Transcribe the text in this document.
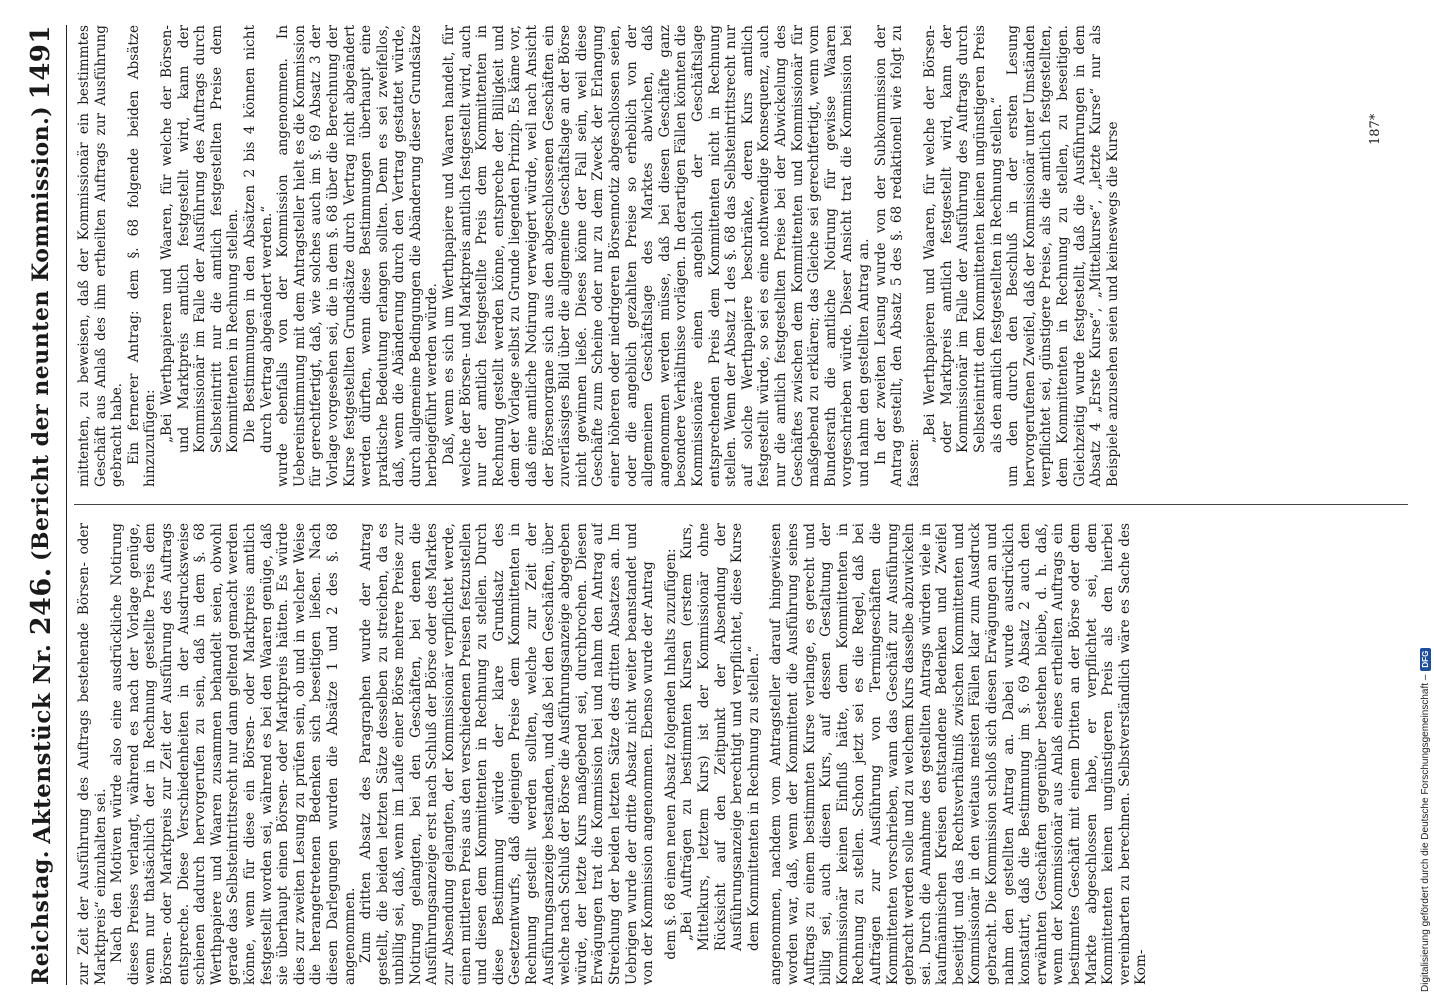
Reichstag.
Aktenstück Nr. 246.
(Bericht der neunten Kommission.)
1491

zur Zeit der Ausführung des Auftrags bestehende Börsen- oder Marktpreis“ einzuhalten sei. Nach den Motiven würde also eine ausdrückliche Notirung dieses Preises verlangt, während es nach der Vorlage genüge, wenn nur thatsächlich der in Rechnung gestellte Preis dem Börsen- oder Marktpreis zur Zeit der Ausführung des Auftrags entspreche. Diese Verschiedenheiten in der Ausdrucksweise schienen dadurch hervorgerufen zu sein, daß in dem §. 68 Werthpapiere und Waaren zusammen behandelt seien, obwohl gerade das Selbsteintrittsrecht nur dann geltend gemacht werden könne, wenn für diese ein Börsen- oder Marktpreis amtlich festgestellt worden sei, während es bei den Waaren genüge, daß sie überhaupt einen Börsen- oder Marktpreis hätten. Es würde dies zur zweiten Lesung zu prüfen sein, ob und in welcher Weise die herangetretenen Bedenken sich beseitigen ließen. Nach diesen Darlegungen wurden die Absätze 1 und 2 des §. 68 angenommen. Zum dritten Absatz des Paragraphen wurde der Antrag gestellt, die beiden letzten Sätze desselben zu streichen, da es unbillig sei, daß, wenn im Laufe einer Börse mehrere Preise zur Notirung gelangten, bei den Geschäften, bei denen die Ausführungsanzeige erst nach Schluß der Börse oder des Marktes zur Absendung gelangten, der Kommissionär verpflichtet werde, einen mittleren Preis aus den verschiedenen Preisen festzustellen und diesen dem Kommittenten in Rechnung zu stellen. Durch diese Bestimmung würde der klare Grundsatz des Gesetzentwurfs, daß diejenigen Preise dem Kommittenten in Rechnung gestellt werden sollten, welche zur Zeit der Ausführungsanzeige bestanden, und daß bei den Geschäften, über welche nach Schluß der Börse die Ausführungsanzeige abgegeben würde, der letzte Kurs maßgebend sei, durchbrochen. Diesen Erwägungen trat die Kommission bei und nahm den Antrag auf Streichung der beiden letzten Sätze des dritten Absatzes an. Im Uebrigen wurde der dritte Absatz nicht weiter beanstandet und von der Kommission angenommen. Ebenso wurde der Antrag dem §. 68 einen neuen Absatz folgenden Inhalts zuzufügen: „Bei Aufträgen zu bestimmten Kursen (erstem Kurs, Mittelkurs, letztem Kurs) ist der Kommissionär ohne Rücksicht auf den Zeitpunkt der Absendung der Ausführungsanzeige berechtigt und verpflichtet, diese Kurse dem Kommittenten in Rechnung zu stellen.“ angenommen, nachdem vom Antragsteller darauf hingewiesen worden war, daß, wenn der Kommittent die Ausführung seines Auftrags zu einem bestimmten Kurse verlange, es gerecht und billig sei, auch diesen Kurs, auf dessen Gestaltung der Kommissionär keinen Einfluß hätte, dem Kommittenten in Rechnung zu stellen. Schon jetzt sei es die Regel, daß bei Aufträgen zur Ausführung von Termingeschäften die Kommittenten vorschrieben, wann das Geschäft zur Ausführung gebracht werden solle und zu welchem Kurs dasselbe abzuwickeln sei. Durch die Annahme des gestellten Antrags würden viele in kaufmännischen Kreisen entstandene Bedenken und Zweifel beseitigt und das Rechtsverhältniß zwischen Kommittenten und Kommissionär in den weitaus meisten Fällen klar zum Ausdruck gebracht. Die Kommission schloß sich diesen Erwägungen an und nahm den gestellten Antrag an. Dabei wurde ausdrücklich konstatirt, daß die Bestimmung im §. 69 Absatz 2 auch den erwähnten Geschäften gegenüber bestehen bleibe, d. h. daß, wenn der Kommissionär aus Anlaß eines ertheilten Auftrags ein bestimmtes Geschäft mit einem Dritten an der Börse oder dem Markte abgeschlossen habe, er verpflichtet sei, dem Kommittenten keinen ungünstigeren Preis als den hierbei vereinbarten zu berechnen. Selbstverständlich wäre es Sache des Kom-

mittenten, zu beweisen, daß der Kommissionär ein bestimmtes Geschäft aus Anlaß des ihm ertheilten Auftrags zur Ausführung gebracht habe. Ein fernerer Antrag: dem §. 68 folgende beiden Absätze hinzuzufügen: „Bei Werthpapieren und Waaren, für welche der Börsen- und Marktpreis amtlich festgestellt wird, kann der Kommissionär im Falle der Ausführung des Auftrags durch Selbsteintritt nur die amtlich festgestellten Preise dem Kommittenten in Rechnung stellen. Die Bestimmungen in den Absätzen 2 bis 4 können nicht durch Vertrag abgeändert werden.“ wurde ebenfalls von der Kommission angenommen. In Uebereinstimmung mit dem Antragsteller hielt es die Kommission für gerechtfertigt, daß, wie solches auch im §. 69 Absatz 3 der Vorlage vorgesehen sei, die in dem §. 68 über die Berechnung der Kurse festgestellten Grundsätze durch Vertrag nicht abgeändert werden dürften, wenn diese Bestimmungen überhaupt eine praktische Bedeutung erlangen sollten. Denn es sei zweifellos, daß, wenn die Abänderung durch den Vertrag gestattet würde, durch allgemeine Bedingungen die Abänderung dieser Grundsätze herbeigeführt werden würde. Daß, wenn es sich um Werthpapiere und Waaren handelt, für welche der Börsen- und Marktpreis amtlich festgestellt wird, auch nur der amtlich festgestellte Preis dem Kommittenten in Rechnung gestellt werden könne, entspreche der Billigkeit und dem der Vorlage selbst zu Grunde liegenden Prinzip. Es käme vor, daß eine amtliche Notirung verweigert würde, weil nach Ansicht der Börsenorgane sich aus den abgeschlossenen Geschäften ein zuverlässiges Bild über die allgemeine Geschäftslage an der Börse nicht gewinnen ließe. Dieses könne der Fall sein, weil diese Geschäfte zum Scheine oder nur zu dem Zweck der Erlangung einer höheren oder niedrigeren Börsennotiz abgeschlossen seien, oder die angeblich gezahlten Preise so erheblich von der allgemeinen Geschäftslage des Marktes abwichen, daß angenommen werden müsse, daß bei diesen Geschäfte ganz besondere Verhältnisse vorlägen. In derartigen Fällen könnten die Kommissionäre einen angeblich der Geschäftslage entsprechenden Preis dem Kommittenten nicht in Rechnung stellen. Wenn der Absatz 1 des §. 68 das Selbsteintrittsrecht nur auf solche Werthpapiere beschränke, deren Kurs amtlich festgestellt würde, so sei es eine nothwendige Konsequenz, auch nur die amtlich festgestellten Preise bei der Abwickelung des Geschäftes zwischen dem Kommittenten und Kommissionär für maßgebend zu erklären; das Gleiche sei gerechtfertigt, wenn vom Bundesrath die amtliche Notirung für gewisse Waaren vorgeschrieben würde. Dieser Ansicht trat die Kommission bei und nahm den gestellten Antrag an. In der zweiten Lesung wurde von der Subkommission der Antrag gestellt, den Absatz 5 des §. 68 redaktionell wie folgt zu fassen:

„Bei Werthpapieren und Waaren, für welche der Börsen- oder Marktpreis amtlich festgestellt wird, kann der Kommissionär im Falle der Ausführung des Auftrags durch Selbsteintritt dem Kommittenten keinen ungünstigeren Preis als den amtlich festgestellten in Rechnung stellen.“ um den durch den Beschluß in der ersten Lesung hervorgerufenen Zweifel, daß der Kommissionär unter Umständen verpflichtet sei, günstigere Preise, als die amtlich festgestellten, dem Kommittenten in Rechnung zu stellen, zu beseitigen. Gleichzeitig wurde festgestellt, daß die Ausführungen in dem Absatz 4 „Erste Kurse“, „Mittelkurse“, „letzte Kurse“ nur als Beispiele anzusehen seien und keineswegs die Kurse	187*
Digitalisierung gefördert durch die Deutsche Forschungsgemeinschaft –
DFG
